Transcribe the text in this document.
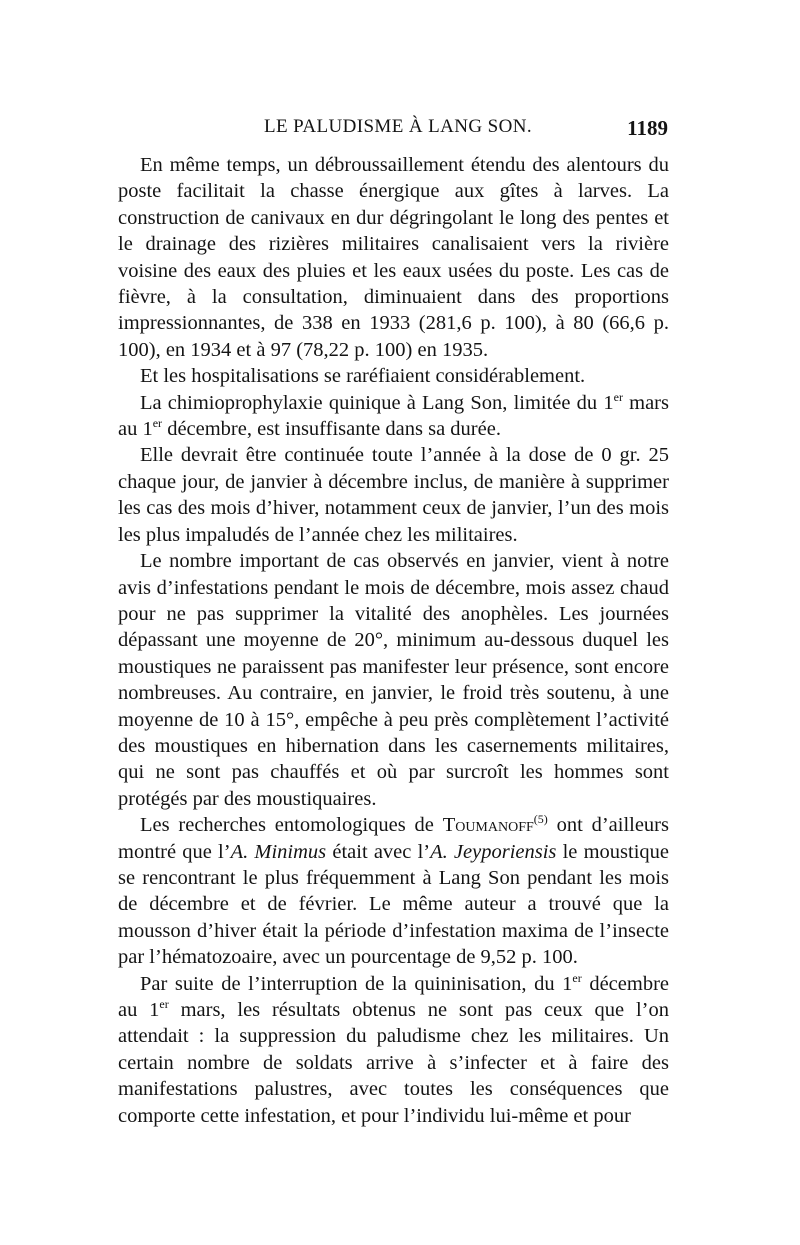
LE PALUDISME À LANG SON.	1189

En même temps, un débroussaillement étendu des alentours du poste facilitait la chasse énergique aux gîtes à larves. La construction de canivaux en dur dégringolant le long des pentes et le drainage des rizières militaires canalisaient vers la rivière voisine des eaux des pluies et les eaux usées du poste. Les cas de fièvre, à la consultation, diminuaient dans des proportions impressionnantes, de 338 en 1933 (281,6 p. 100), à 80 (66,6 p. 100), en 1934 et à 97 (78,22 p. 100) en 1935.

Et les hospitalisations se raréfiaient considérablement.

La chimioprophylaxie quinique à Lang Son, limitée du 1er mars au 1er décembre, est insuffisante dans sa durée.

Elle devrait être continuée toute l’année à la dose de 0 gr. 25 chaque jour, de janvier à décembre inclus, de manière à supprimer les cas des mois d’hiver, notamment ceux de janvier, l’un des mois les plus impaludés de l’année chez les militaires.

Le nombre important de cas observés en janvier, vient à notre avis d’infestations pendant le mois de décembre, mois assez chaud pour ne pas supprimer la vitalité des anophèles. Les journées dépassant une moyenne de 20°, minimum au-dessous duquel les moustiques ne paraissent pas manifester leur présence, sont encore nombreuses. Au contraire, en janvier, le froid très soutenu, à une moyenne de 10 à 15°, empêche à peu près complètement l’activité des moustiques en hibernation dans les casernements militaires, qui ne sont pas chauffés et où par surcroît les hommes sont protégés par des moustiquaires.

Les recherches entomologiques de Toumanoff$^{(5)}$ ont d’ailleurs montré que l’A. Minimus était avec l’A. Jeyporiensis le moustique se rencontrant le plus fréquemment à Lang Son pendant les mois de décembre et de février. Le même auteur a trouvé que la mousson d’hiver était la période d’infestation maxima de l’insecte par l’hématozoaire, avec un pourcentage de 9,52 p. 100.

Par suite de l’interruption de la quininisation, du 1er décembre au 1er mars, les résultats obtenus ne sont pas ceux que l’on attendait : la suppression du paludisme chez les militaires. Un certain nombre de soldats arrive à s’infecter et à faire des manifestations palustres, avec toutes les conséquences que comporte cette infestation, et pour l’individu lui-même et pour
